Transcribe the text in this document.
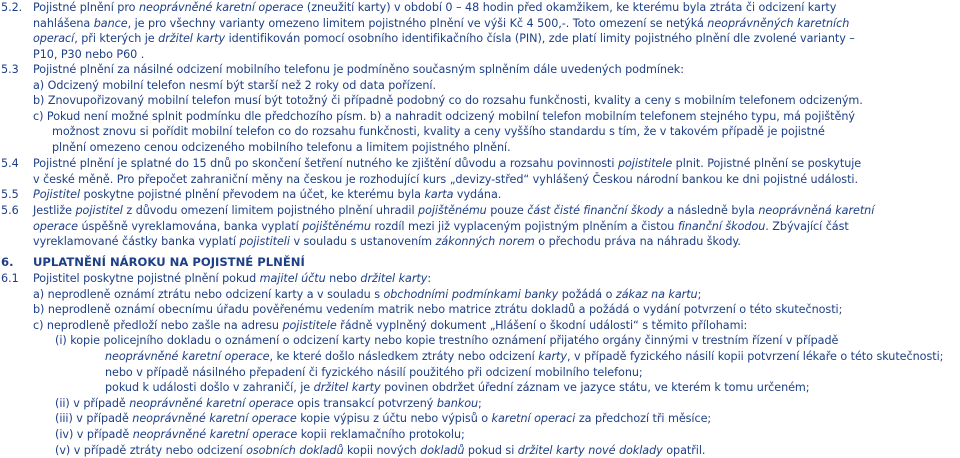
5.2. Pojistné plnění pro neoprávněné karetní operace (zneužití karty) v období 0 – 48 hodin před okamžikem, ke kterému byla ztráta či odcizení karty
nahlášena bance, je pro všechny varianty omezeno limitem pojistného plnění ve výši Kč 4 500,-. Toto omezení se netýká neoprávněných karetních
operací, při kterých je držitel karty identifikován pomocí osobního identifikačního čísla (PIN), zde platí limity pojistného plnění dle zvolené varianty –
P10, P30 nebo P60 .
5.3 Pojistné plnění za násilné odcizení mobilního telefonu je podmíněno současným splněním dále uvedených podmínek:
a) Odcizený mobilní telefon nesmí být starší než 2 roky od data pořízení.
b) Znovupořizovaný mobilní telefon musí být totožný či případně podobný co do rozsahu funkčnosti, kvality a ceny s mobilním telefonem odcizeným.
c) Pokud není možné splnit podmínku dle předchozího písm. b) a nahradit odcizený mobilní telefon mobilním telefonem stejného typu, má pojištěný
možnost znovu si pořídit mobilní telefon co do rozsahu funkčnosti, kvality a ceny vyššího standardu s tím, že v takovém případě je pojistné
plnění omezeno cenou odcizeného mobilního telefonu a limitem pojistného plnění.
5.4 Pojistné plnění je splatné do 15 dnů po skončení šetření nutného ke zjištění důvodu a rozsahu povinnosti pojistitele plnit. Pojistné plnění se poskytuje
v české měně. Pro přepočet zahraniční měny na českou je rozhodující kurs „devizy-střed“ vyhlášený Českou národní bankou ke dni pojistné události.
5.5 Pojistitel poskytne pojistné plnění převodem na účet, ke kterému byla karta vydána.
5.6 Jestliže pojistitel z důvodu omezení limitem pojistného plnění uhradil pojištěnému pouze část čisté finanční škody a následně byla neoprávněná karetní
operace úspěšně vyreklamována, banka vyplatí pojištěnému rozdíl mezi již vyplaceným pojistným plněním a čistou finanční škodou. Zbývající část
vyreklamované částky banka vyplatí pojistiteli v souladu s ustanovením zákonných norem o přechodu práva na náhradu škody.
6. UPLATNĚNÍ NÁROKU NA POJISTNÉ PLNĚNÍ
6.1 Pojistitel poskytne pojistné plnění pokud majitel účtu nebo držitel karty:
a) neprodleně oznámí ztrátu nebo odcizení karty a v souladu s obchodními podmínkami banky požádá o zákaz na kartu;
b) neprodleně oznámí obecnímu úřadu pověřenému vedením matrik nebo matrice ztrátu dokladů a požádá o vydání potvrzení o této skutečnosti;
c) neprodleně předloží nebo zašle na adresu pojistitele řádně vyplněný dokument „Hlášení o škodní události“ s těmito přílohami:
(i) kopie policejního dokladu o oznámení o odcizení karty nebo kopie trestního oznámení přijatého orgány činnými v trestním řízení v případě
neoprávněné karetní operace, ke které došlo následkem ztráty nebo odcizení karty, v případě fyzického násilí kopii potvrzení lékaře o této skutečnosti;
nebo v případě násilného přepadení či fyzického násilí použitého při odcizení mobilního telefonu;
pokud k události došlo v zahraničí, je držitel karty povinen obdržet úřední záznam ve jazyce státu, ve kterém k tomu určeném;
(ii) v případě neoprávněné karetní operace opis transakcí potvrzený bankou;
(iii) v případě neoprávněné karetní operace kopie výpisu z účtu nebo výpisů o karetní operaci za předchozí tři měsíce;
(iv) v případě neoprávněné karetní operace kopii reklamačního protokolu;
(v) v případě ztráty nebo odcizení osobních dokladů kopii nových dokladů pokud si držitel karty nové doklady opatřil.
